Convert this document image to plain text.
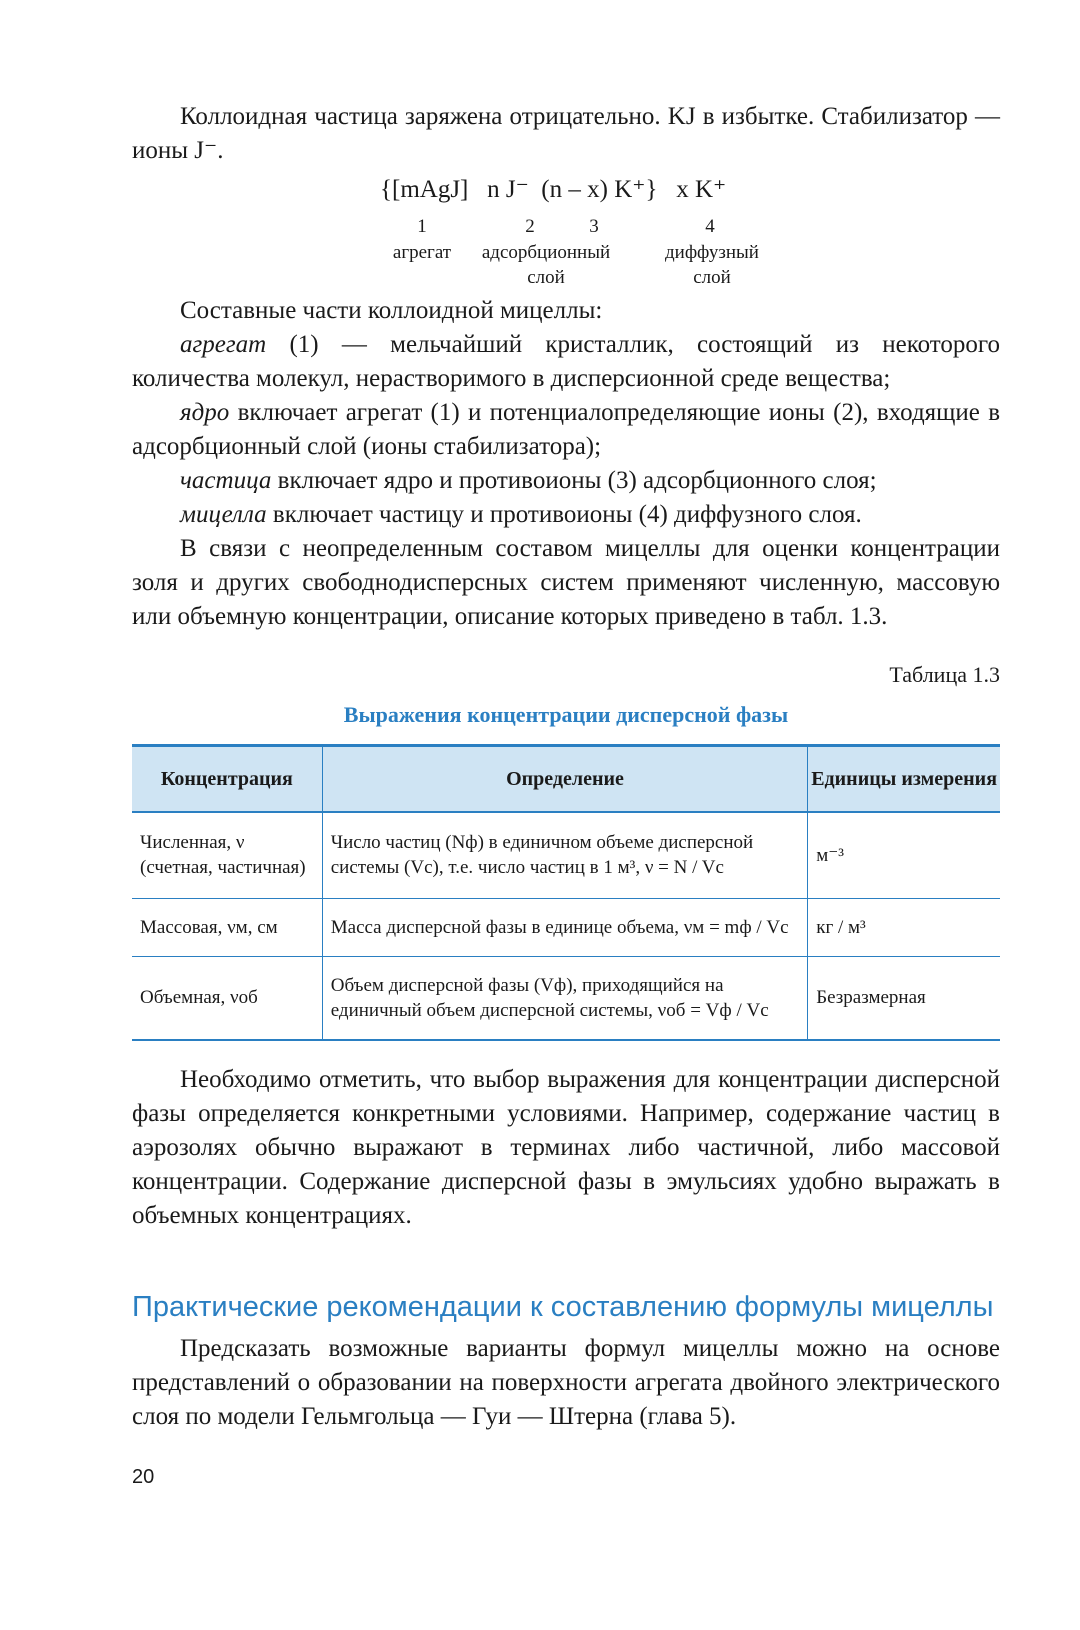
Коллоидная частица заряжена отрицательно. KJ в избытке. Стабилизатор — ионы J⁻.

{[mAgJ]   n J⁻  (n – x) K⁺}   x K⁺
1	2	3	4
агрегат	адсорбционный слой
диффузный слой

Составные части коллоидной мицеллы:

агрегат (1) — мельчайший кристаллик, состоящий из некоторого количества молекул, нерастворимого в дисперсионной среде вещества;

ядро включает агрегат (1) и потенциалопределяющие ионы (2), входящие в адсорбционный слой (ионы стабилизатора);

частица включает ядро и противоионы (3) адсорбционного слоя;

мицелла включает частицу и противоионы (4) диффузного слоя.

В связи с неопределенным составом мицеллы для оценки концентрации золя и других свободнодисперсных систем применяют численную, массовую или объемную концентрации, описание которых приведено в табл. 1.3.

Таблица 1.3
Выражения концентрации дисперсной фазы
Концентрация	Определение	Единицы измерения
Численная, ν (счетная, частичная)	Число частиц (Nф) в единичном объеме дисперсной системы (Vс), т.е. число частиц в 1 м³, ν = N / Vс	м⁻³
Массовая, νм, cм	Масса дисперсной фазы в единице объема, νм = mф / Vс	кг / м³
Объемная, νоб	Объем дисперсной фазы (Vф), приходящийся на единичный объем дисперсной системы, νоб = Vф / Vс	Безразмерная

Необходимо отметить, что выбор выражения для концентрации дисперсной фазы определяется конкретными условиями. Например, содержание частиц в аэрозолях обычно выражают в терминах либо частичной, либо массовой концентрации. Содержание дисперсной фазы в эмульсиях удобно выражать в объемных концентрациях.

Практические рекомендации к составлению формулы мицеллы

Предсказать возможные варианты формул мицеллы можно на основе представлений о образовании на поверхности агрегата двойного электрического слоя по модели Гельмгольца — Гуи — Штерна (глава 5).

20
